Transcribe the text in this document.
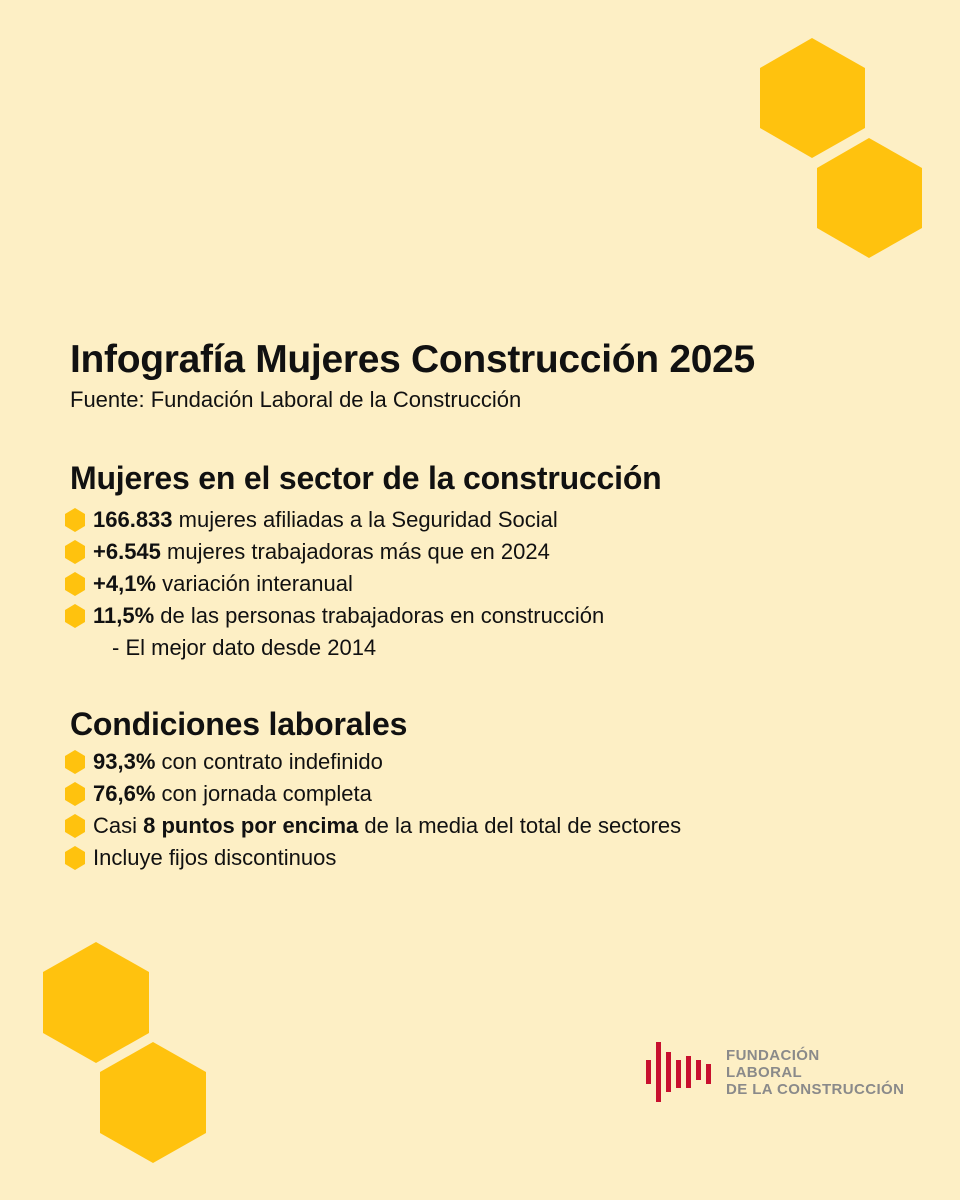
Infografía Mujeres Construcción 2025

Fuente: Fundación Laboral de la Construcción

Mujeres en el sector de la construcción
166.833 mujeres afiliadas a la Seguridad Social
+6.545 mujeres trabajadoras más que en 2024
+4,1% variación interanual
11,5% de las personas trabajadoras en construcción
- El mejor dato desde 2014
Condiciones laborales
93,3% con contrato indefinido
76,6% con jornada completa
Casi 8 puntos por encima de la media del total de sectores
Incluye fijos discontinuos
FUNDACIÓN
LABORAL
DE LA CONSTRUCCIÓN
